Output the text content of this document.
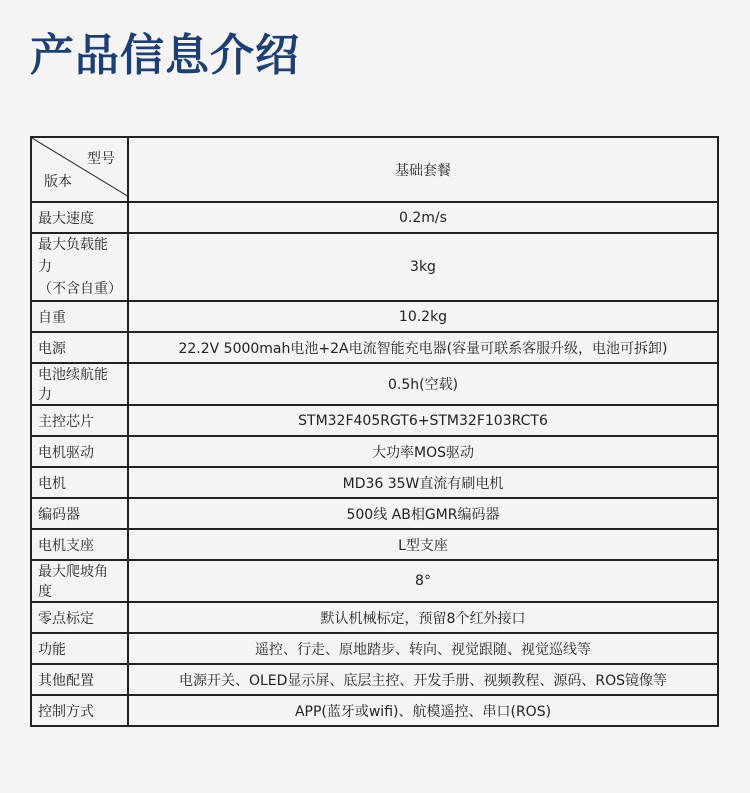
产品信息介绍
型号
版本	基础套餐
最大速度	0.2m/s

最大负载能力
（不含自重）	3kg
自重	10.2kg
电源	22.2V 5000mah电池+2A电流智能充电器(容量可联系客服升级，电池可拆卸)
电池续航能力	0.5h(空载)
主控芯片	STM32F405RGT6+STM32F103RCT6
电机驱动	大功率MOS驱动
电机	MD36 35W直流有刷电机
编码器	500线 AB相GMR编码器
电机支座	L型支座
最大爬坡角度	8°
零点标定	默认机械标定，预留8个红外接口
功能	遥控、行走、原地踏步、转向、视觉跟随、视觉巡线等
其他配置	电源开关、OLED显示屏、底层主控、开发手册、视频教程、源码、ROS镜像等
控制方式	APP(蓝牙或wifi)、航模遥控、串口(ROS)
